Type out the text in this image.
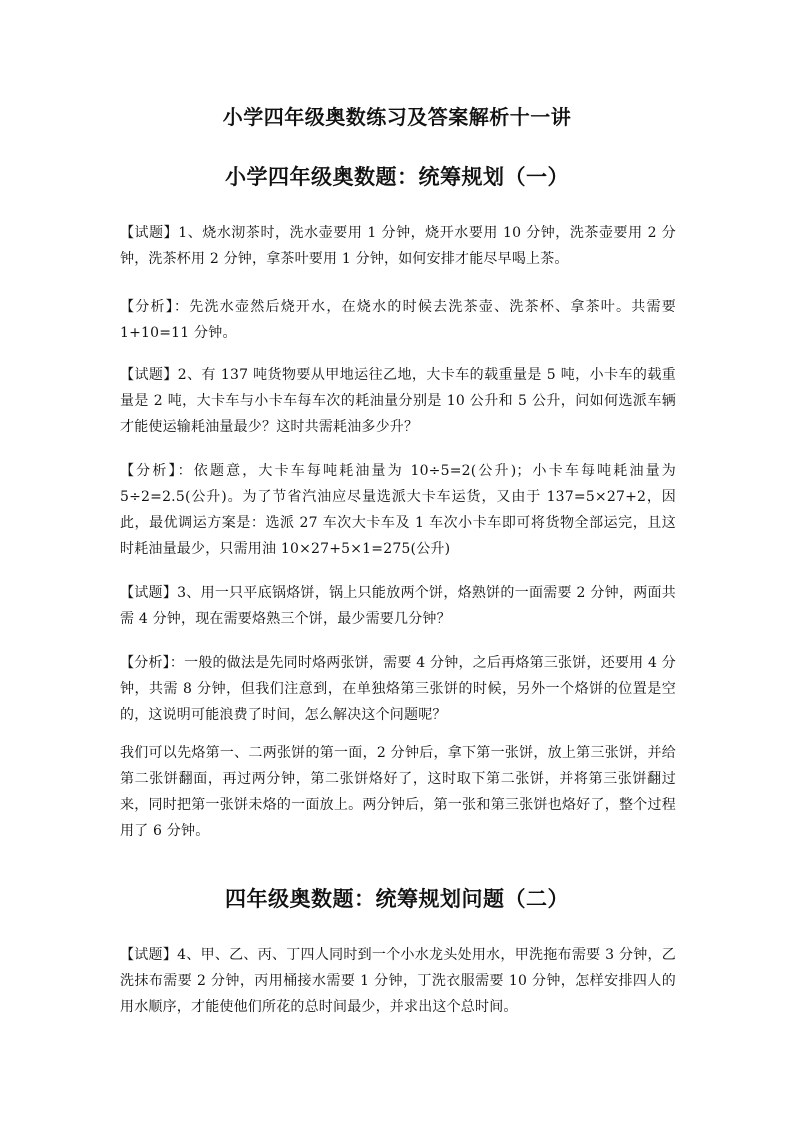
小学四年级奥数练习及答案解析十一讲
小学四年级奥数题：统筹规划（一）

【试题】1、烧水沏茶时，洗水壶要用 1 分钟，烧开水要用 10 分钟，洗茶壶要用 2 分钟，洗茶杯用 2 分钟，拿茶叶要用 1 分钟，如何安排才能尽早喝上茶。

【分析】：先洗水壶然后烧开水，在烧水的时候去洗茶壶、洗茶杯、拿茶叶。共需要 1+10=11 分钟。

【试题】2、有 137 吨货物要从甲地运往乙地，大卡车的载重量是 5 吨，小卡车的载重量是 2 吨，大卡车与小卡车每车次的耗油量分别是 10 公升和 5 公升，问如何选派车辆才能使运输耗油量最少？这时共需耗油多少升？

【分析】：依题意，大卡车每吨耗油量为 10÷5=2(公升)；小卡车每吨耗油量为 5÷2=2.5(公升)。为了节省汽油应尽量选派大卡车运货，又由于 137=5×27+2，因此，最优调运方案是：选派 27 车次大卡车及 1 车次小卡车即可将货物全部运完，且这时耗油量最少，只需用油 10×27+5×1=275(公升)

【试题】3、用一只平底锅烙饼，锅上只能放两个饼，烙熟饼的一面需要 2 分钟，两面共需 4 分钟，现在需要烙熟三个饼，最少需要几分钟？

【分析】：一般的做法是先同时烙两张饼，需要 4 分钟，之后再烙第三张饼，还要用 4 分钟，共需 8 分钟，但我们注意到，在单独烙第三张饼的时候，另外一个烙饼的位置是空的，这说明可能浪费了时间，怎么解决这个问题呢？

我们可以先烙第一、二两张饼的第一面，2 分钟后，拿下第一张饼，放上第三张饼，并给第二张饼翻面，再过两分钟，第二张饼烙好了，这时取下第二张饼，并将第三张饼翻过来，同时把第一张饼未烙的一面放上。两分钟后，第一张和第三张饼也烙好了，整个过程用了 6 分钟。

四年级奥数题：统筹规划问题（二）

【试题】4、甲、乙、丙、丁四人同时到一个小水龙头处用水，甲洗拖布需要 3 分钟，乙洗抹布需要 2 分钟，丙用桶接水需要 1 分钟，丁洗衣服需要 10 分钟，怎样安排四人的用水顺序，才能使他们所花的总时间最少，并求出这个总时间。
